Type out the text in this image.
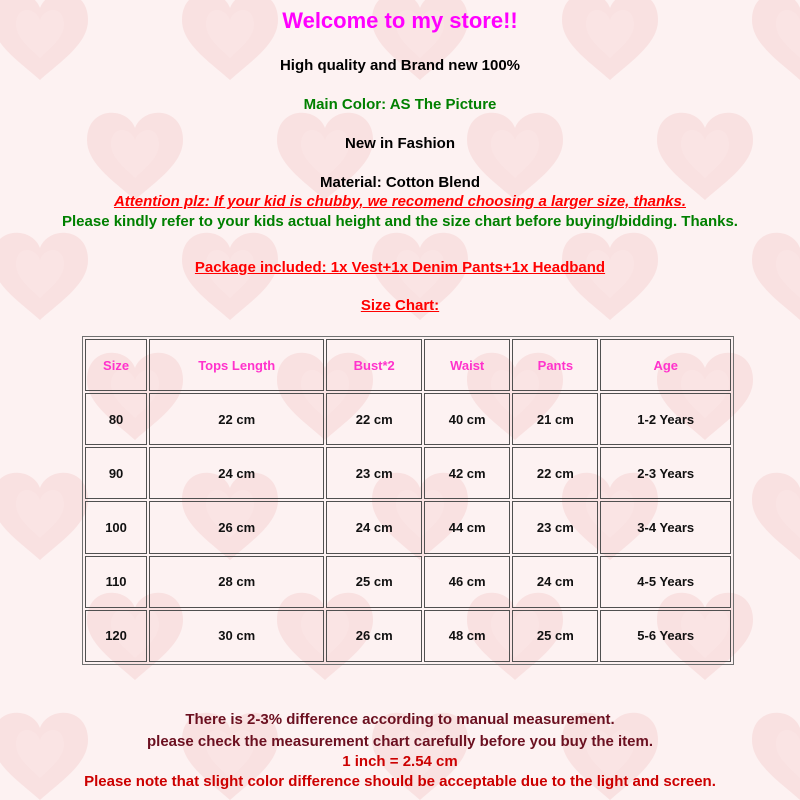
Welcome to my store!!
High quality and Brand new 100%
Main Color: AS The Picture
New in Fashion
Material: Cotton Blend
Attention plz: If your kid is chubby, we recomend choosing a larger size, thanks.
Please kindly refer to your kids actual height and the size chart before buying/bidding. Thanks.
Package included: 1x Vest+1x Denim Pants+1x Headband
Size Chart:
Size	Tops Length	Bust*2	Waist	Pants	Age
80	22 cm	22 cm	40 cm	21 cm	1-2 Years
90	24 cm	23 cm	42 cm	22 cm	2-3 Years
100	26 cm	24 cm	44 cm	23 cm	3-4 Years
110	28 cm	25 cm	46 cm	24 cm	4-5 Years
120	30 cm	26 cm	48 cm	25 cm	5-6 Years
There is 2-3% difference according to manual measurement.
please check the measurement chart carefully before you buy the item.
1 inch = 2.54 cm
Please note that slight color difference should be acceptable due to the light and screen.
